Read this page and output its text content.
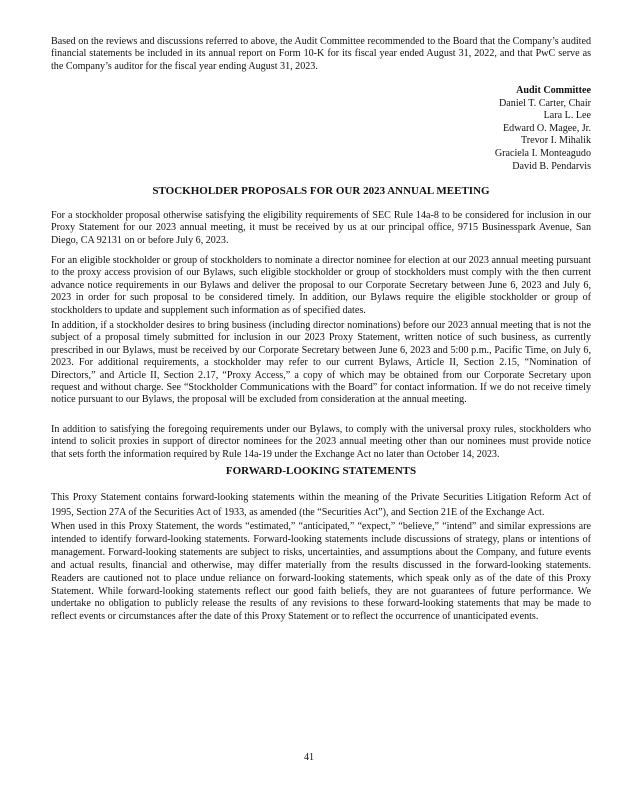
Based on the reviews and discussions referred to above, the Audit Committee recommended to the Board that the Company’s audited financial statements be included in its annual report on Form 10-K for its fiscal year ended August 31, 2022, and that PwC serve as the Company’s auditor for the fiscal year ending August 31, 2023.

Audit Committee
Daniel T. Carter, Chair
Lara L. Lee
Edward O. Magee, Jr.
Trevor I. Mihalik
Graciela I. Monteagudo
David B. Pendarvis
STOCKHOLDER PROPOSALS FOR OUR 2023 ANNUAL MEETING

For a stockholder proposal otherwise satisfying the eligibility requirements of SEC Rule 14a-8 to be considered for inclusion in our Proxy Statement for our 2023 annual meeting, it must be received by us at our principal office, 9715 Businesspark Avenue, San Diego, CA 92131 on or before July 6, 2023.

For an eligible stockholder or group of stockholders to nominate a director nominee for election at our 2023 annual meeting pursuant to the proxy access provision of our Bylaws, such eligible stockholder or group of stockholders must comply with the then current advance notice requirements in our Bylaws and deliver the proposal to our Corporate Secretary between June 6, 2023 and July 6, 2023 in order for such proposal to be considered timely. In addition, our Bylaws require the eligible stockholder or group of stockholders to update and supplement such information as of specified dates.

In addition, if a stockholder desires to bring business (including director nominations) before our 2023 annual meeting that is not the subject of a proposal timely submitted for inclusion in our 2023 Proxy Statement, written notice of such business, as currently prescribed in our Bylaws, must be received by our Corporate Secretary between June 6, 2023 and 5:00 p.m., Pacific Time, on July 6, 2023. For additional requirements, a stockholder may refer to our current Bylaws, Article II, Section 2.15, “Nomination of Directors,” and Article II, Section 2.17, “Proxy Access,” a copy of which may be obtained from our Corporate Secretary upon request and without charge. See “Stockholder Communications with the Board” for contact information. If we do not receive timely notice pursuant to our Bylaws, the proposal will be excluded from consideration at the annual meeting.

In addition to satisfying the foregoing requirements under our Bylaws, to comply with the universal proxy rules, stockholders who intend to solicit proxies in support of director nominees for the 2023 annual meeting other than our nominees must provide notice that sets forth the information required by Rule 14a-19 under the Exchange Act no later than October 14, 2023.

FORWARD-LOOKING STATEMENTS

This Proxy Statement contains forward-looking statements within the meaning of the Private Securities Litigation Reform Act of 1995, Section 27A of the Securities Act of 1933, as amended (the “Securities Act”), and Section 21E of the Exchange Act.

When used in this Proxy Statement, the words “estimated,” “anticipated,” “expect,” “believe,” “intend” and similar expressions are intended to identify forward-looking statements. Forward-looking statements include discussions of strategy, plans or intentions of management. Forward-looking statements are subject to risks, uncertainties, and assumptions about the Company, and future events and actual results, financial and otherwise, may differ materially from the results discussed in the forward-looking statements. Readers are cautioned not to place undue reliance on forward-looking statements, which speak only as of the date of this Proxy Statement. While forward-looking statements reflect our good faith beliefs, they are not guarantees of future performance. We undertake no obligation to publicly release the results of any revisions to these forward-looking statements that may be made to reflect events or circumstances after the date of this Proxy Statement or to reflect the occurrence of unanticipated events.

41
